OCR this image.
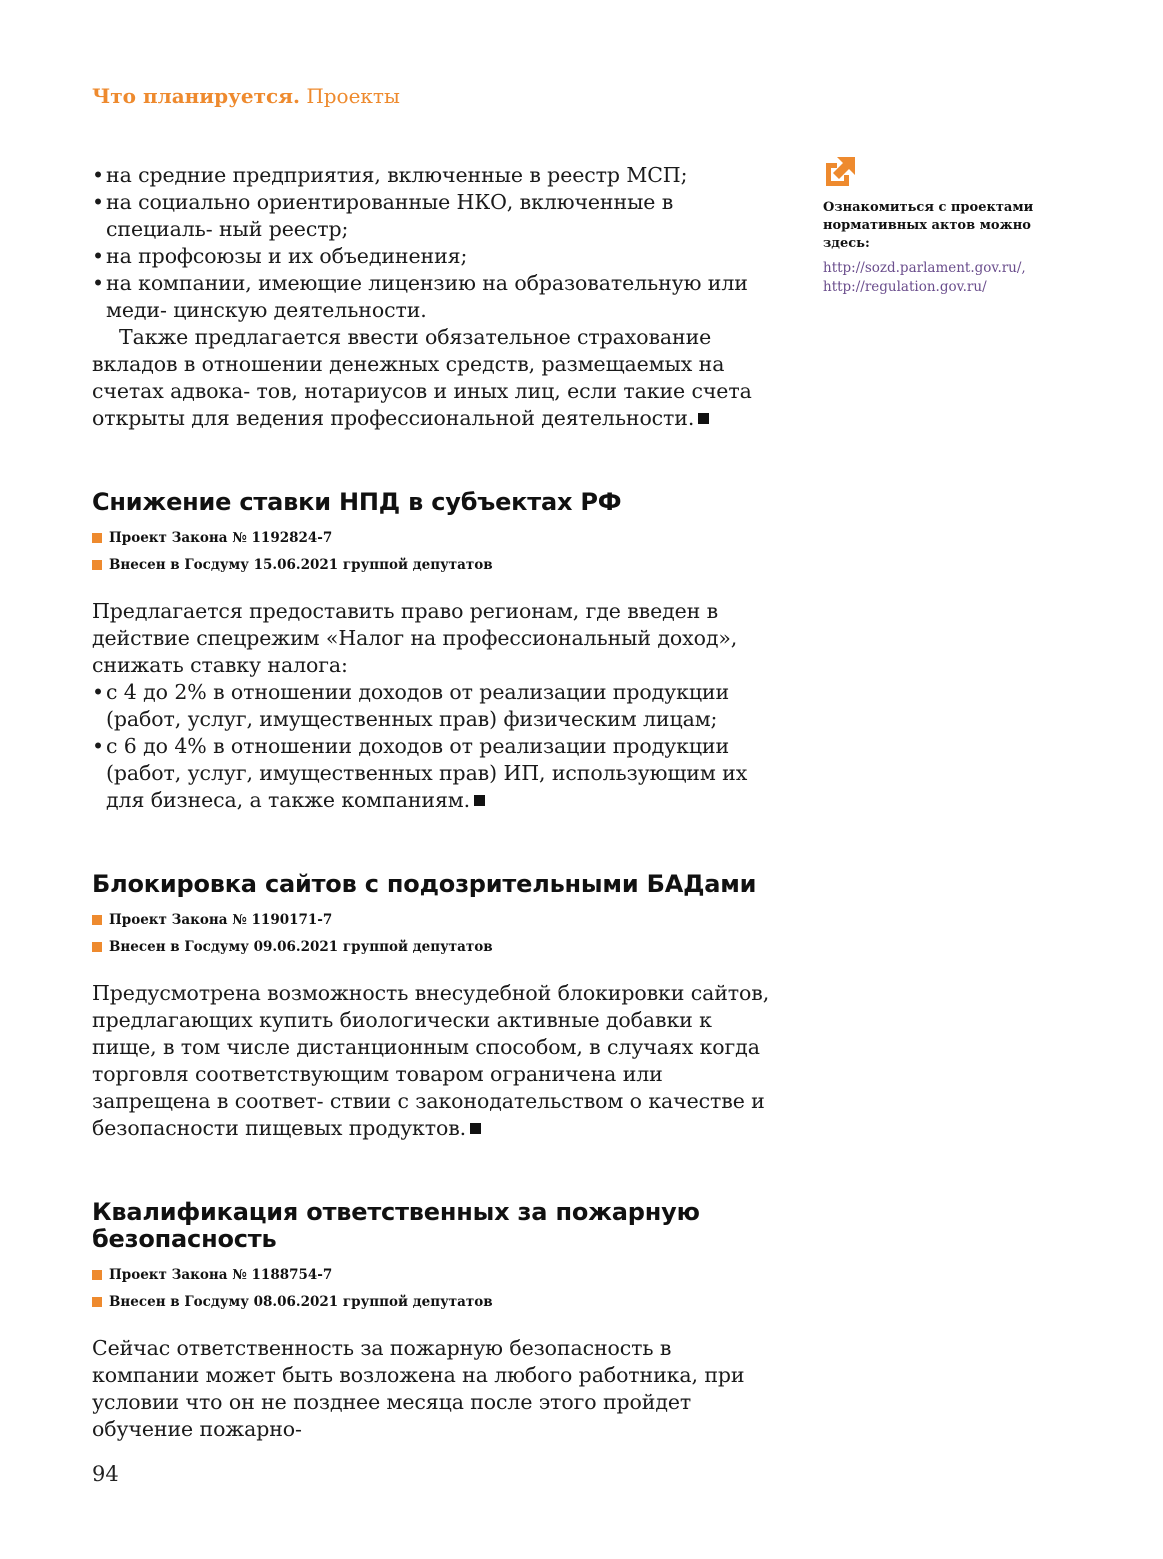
Что планируется. Проекты
• на средние предприятия, включенные в реестр МСП;
• на социально ориентированные НКО, включенные в специаль- ный реестр;
• на профсоюзы и их объединения;
• на компании, имеющие лицензию на образовательную или меди- цинскую деятельности.

Также предлагается ввести обязательное страхование вкладов в отношении денежных средств, размещаемых на счетах адвока- тов, нотариусов и иных лиц, если такие счета открыты для ведения профессиональной деятельности.

Снижение ставки НПД в субъектах РФ
Проект Закона № 1192824-7
Внесен в Госдуму 15.06.2021 группой депутатов

Предлагается предоставить право регионам, где введен в действие спецрежим «Налог на профессиональный доход», снижать ставку налога:

• с 4 до 2% в отношении доходов от реализации продукции (работ, услуг, имущественных прав) физическим лицам;
• с 6 до 4% в отношении доходов от реализации продукции (работ, услуг, имущественных прав) ИП, использующим их для бизнеса, а также компаниям.
Блокировка сайтов с подозрительными БАДами
Проект Закона № 1190171-7
Внесен в Госдуму 09.06.2021 группой депутатов

Предусмотрена возможность внесудебной блокировки сайтов, предлагающих купить биологически активные добавки к пище, в том числе дистанционным способом, в случаях когда торговля соответствующим товаром ограничена или запрещена в соответ- ствии с законодательством о качестве и безопасности пищевых продуктов.

Квалификация ответственных за пожарную безопасность
Проект Закона № 1188754-7
Внесен в Госдуму 08.06.2021 группой депутатов

Сейчас ответственность за пожарную безопасность в компании может быть возложена на любого работника, при условии что он не позднее месяца после этого пройдет обучение пожарно-

Ознакомиться с проектами нормативных актов можно здесь:

http://sozd.parlament.gov.ru/,
http://regulation.gov.ru/
94
